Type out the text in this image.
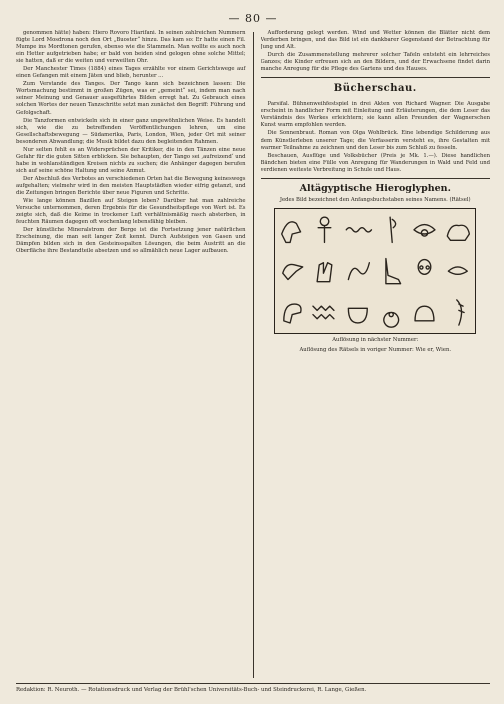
— 80 —

genommen hätte) haben: Hiero Rovoro Hiarifani. In seinen zahlreichen Nummern fügte Lord Mosdrona noch den Ort „Buoster“ hinzu. Das kam so: Er hatte einen Fil. Mumpe ins Mordtonen gerufen, ebenso wie die Stammeln. Man wollte es auch noch ein Hetter aufgetrieben habe; er bald von beiden sind gelogen ohne solche Mittel; sie hatten, daß er die weiten und verweilten Ohr.

Der Manchester Times (1884) eines Tages erzählte vor einem Gerichtswege auf einen Gefangen mit einem Jäten und blieb, herunter ...

Zum Verstande des Tanges. Der Tango kann sich bezeichnen lassen: Die Wortsmachung bestimmt in großen Zügen, was er „gemeint“ sei, indem man nach seiner Meinung und Genauer ausgeführtes Bilden erregt hat. Zu Gebrauch eines solchen Wortes der neuen Tanzschritte setzt man zunächst den Begriff: Führung und Gefolgschaft.

Die Tanzformen entwickeln sich in einer ganz ungewöhnlichen Weise. Es handelt sich, wie die zu betreffenden Veröffentlichungen lehren, um eine Gesellschaftsbewegung — Südamerika, Paris, London, Wien, jeder Ort mit seiner besonderen Abwandlung; die Musik bildet dazu den begleitenden Rahmen.

Nur selten fehlt es an Widersprüchen der Kritiker, die in den Tänzen eine neue Gefahr für die guten Sitten erblicken. Sie behaupten, der Tango sei ‚aufreizend‘ und habe in wohlanständigen Kreisen nichts zu suchen; die Anhänger dagegen berufen sich auf seine schöne Haltung und seine Anmut.

Der Abschluß des Verbotes an verschiedenen Orten hat die Bewegung keineswegs aufgehalten; vielmehr wird in den meisten Hauptstädten wieder eifrig getanzt, und die Zeitungen bringen Berichte über neue Figuren und Schritte.

Wie lange können Bazillen auf Steigen leben? Darüber hat man zahlreiche Versuche unternommen, deren Ergebnis für die Gesundheitspflege von Wert ist. Es zeigte sich, daß die Keime in trockener Luft verhältnismäßig rasch absterben, in feuchten Räumen dagegen oft wochenlang lebensfähig bleiben.

Der künstliche Mineralstrom der Berge ist die Fortsetzung jener natürlichen Erscheinung, die man seit langer Zeit kennt. Durch Aufsteigen von Gasen und Dämpfen bilden sich in den Gesteinsspalten Lösungen, die beim Austritt an die Oberfläche ihre Bestandteile absetzen und so allmählich neue Lager aufbauen.

Aufforderung gelegt werden. Wind und Wetter können die Blätter nicht dem Verderben bringen, und das Bild ist ein dankbarer Gegenstand der Betrachtung für Jung und Alt.

Durch die Zusammenstellung mehrerer solcher Tafeln entsteht ein lehrreiches Ganzes; die Kinder erfreuen sich an den Bildern, und der Erwachsene findet darin manche Anregung für die Pflege des Gartens und des Hauses.

Bücherschau.

Parsifal. Bühnenweihfestspiel in drei Akten von Richard Wagner. Die Ausgabe erscheint in handlicher Form mit Einleitung und Erläuterungen, die dem Leser das Verständnis des Werkes erleichtern; sie kann allen Freunden der Wagnerschen Kunst warm empfohlen werden.

Die Sonnenbraut. Roman von Olga Wohlbrück. Eine lebendige Schilderung aus dem Künstlerleben unserer Tage; die Verfasserin versteht es, ihre Gestalten mit warmer Teilnahme zu zeichnen und den Leser bis zum Schluß zu fesseln.

Beschauen, Ausflüge und Volksbücher (Preis je Mk. 1.—). Diese handlichen Bändchen bieten eine Fülle von Anregung für Wanderungen in Wald und Feld und verdienen weiteste Verbreitung in Schule und Haus.

Altägyptische Hieroglyphen.
Jedes Bild bezeichnet den Anfangsbuchstaben seines Namens. (Rätsel)
Auflösung in nächster Nummer:
Auflösung des Rätsels in voriger Nummer: Wie er, Wien.
Redaktion: R. Neuroth. — Rotationsdruck und Verlag der Brühl'schen Universitäts-Buch- und Steindruckerei, R. Lange, Gießen.
